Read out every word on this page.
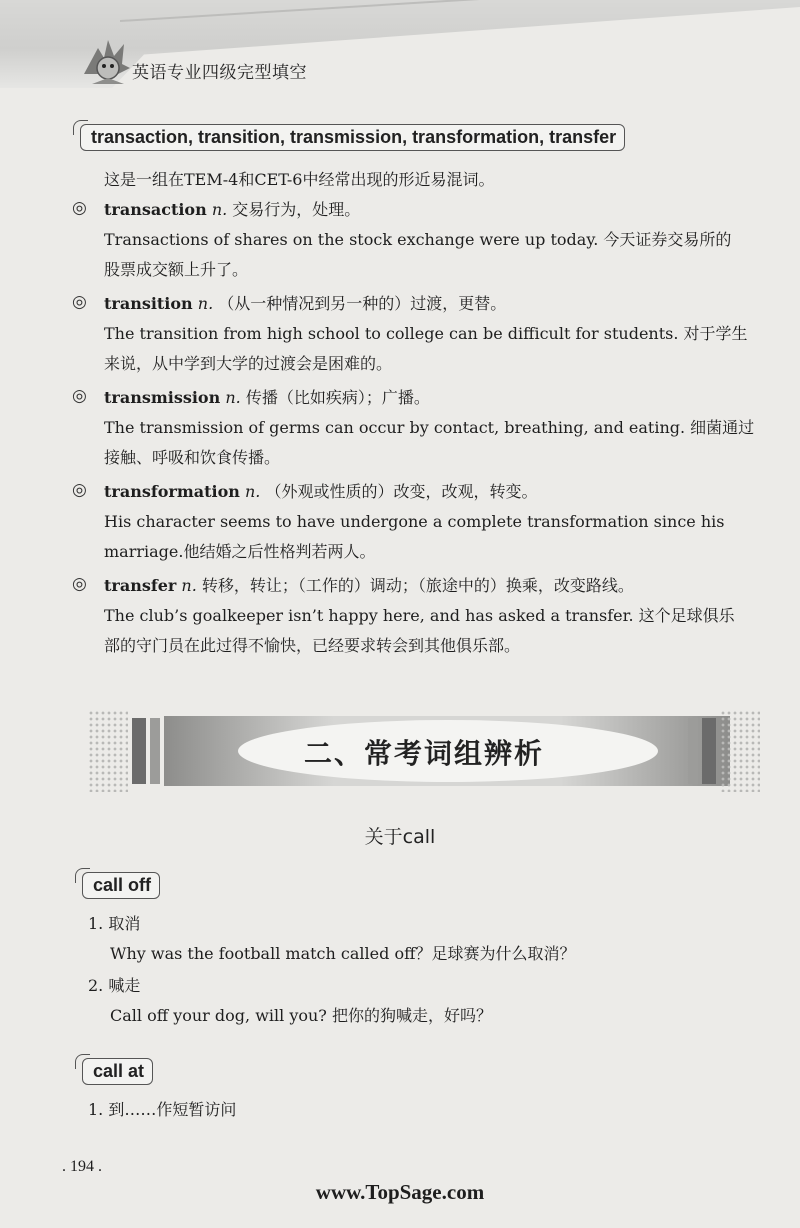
英语专业四级完型填空
transaction, transition, transmission, transformation, transfer
这是一组在TEM-4和CET-6中经常出现的形近易混词。
◎ transaction n. 交易行为，处理。
Transactions of shares on the stock exchange were up today. 今天证券交易所的
股票成交额上升了。
◎ transition n. （从一种情况到另一种的）过渡，更替。
The transition from high school to college can be difficult for students. 对于学生
来说，从中学到大学的过渡会是困难的。
◎ transmission n. 传播（比如疾病）；广播。
The transmission of germs can occur by contact, breathing, and eating. 细菌通过
接触、呼吸和饮食传播。
◎ transformation n. （外观或性质的）改变，改观，转变。
His character seems to have undergone a complete transformation since his
marriage.他结婚之后性格判若两人。
◎ transfer n. 转移，转让；（工作的）调动；（旅途中的）换乘，改变路线。
The club’s goalkeeper isn’t happy here, and has asked a transfer. 这个足球俱乐
部的守门员在此过得不愉快，已经要求转会到其他俱乐部。
二、常考词组辨析
关于call
call off
1. 取消
Why was the football match called off？足球赛为什么取消？
2. 喊走
Call off your dog, will you? 把你的狗喊走，好吗？
call at
1. 到……作短暂访问
. 194 .
www.TopSage.com
